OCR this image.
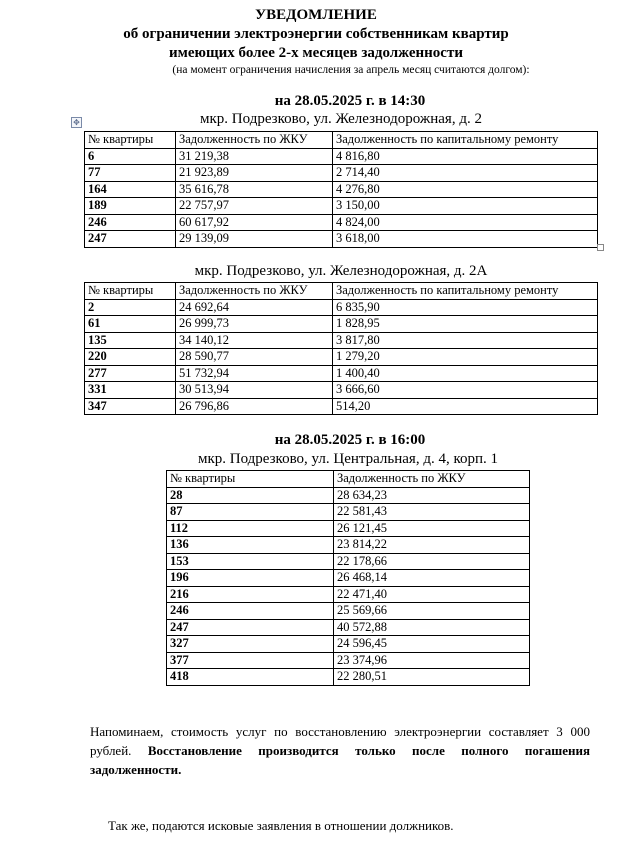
УВЕДОМЛЕНИЕ
об ограничении электроэнергии собственникам квартир
имеющих более 2-х месяцев задолженности
(на момент ограничения начисления за апрель месяц считаются долгом):
на 28.05.2025 г. в 14:30
✥	мкр. Подрезково, ул. Железнодорожная, д. 2
№ квартиры	Задолженность по ЖКУ	Задолженность по капитальному ремонту
6	31 219,38	4 816,80
77	21 923,89	2 714,40
164	35 616,78	4 276,80
189	22 757,97	3 150,00
246	60 617,92	4 824,00
247	29 139,09	3 618,00
мкр. Подрезково, ул. Железнодорожная, д. 2А
№ квартиры	Задолженность по ЖКУ	Задолженность по капитальному ремонту
2	24 692,64	6 835,90
61	26 999,73	1 828,95
135	34 140,12	3 817,80
220	28 590,77	1 279,20
277	51 732,94	1 400,40
331	30 513,94	3 666,60
347	26 796,86	514,20
на 28.05.2025 г. в 16:00
мкр. Подрезково, ул. Центральная, д. 4, корп. 1
№ квартиры	Задолженность по ЖКУ
28	28 634,23
87	22 581,43
112	26 121,45
136	23 814,22
153	22 178,66
196	26 468,14
216	22 471,40
246	25 569,66
247	40 572,88
327	24 596,45
377	23 374,96
418	22 280,51
Напоминаем, стоимость услуг по восстановлению электроэнергии составляет 3 000 рублей. Восстановление производится только после полного погашения задолженности.
Так же, подаются исковые заявления в отношении должников.
